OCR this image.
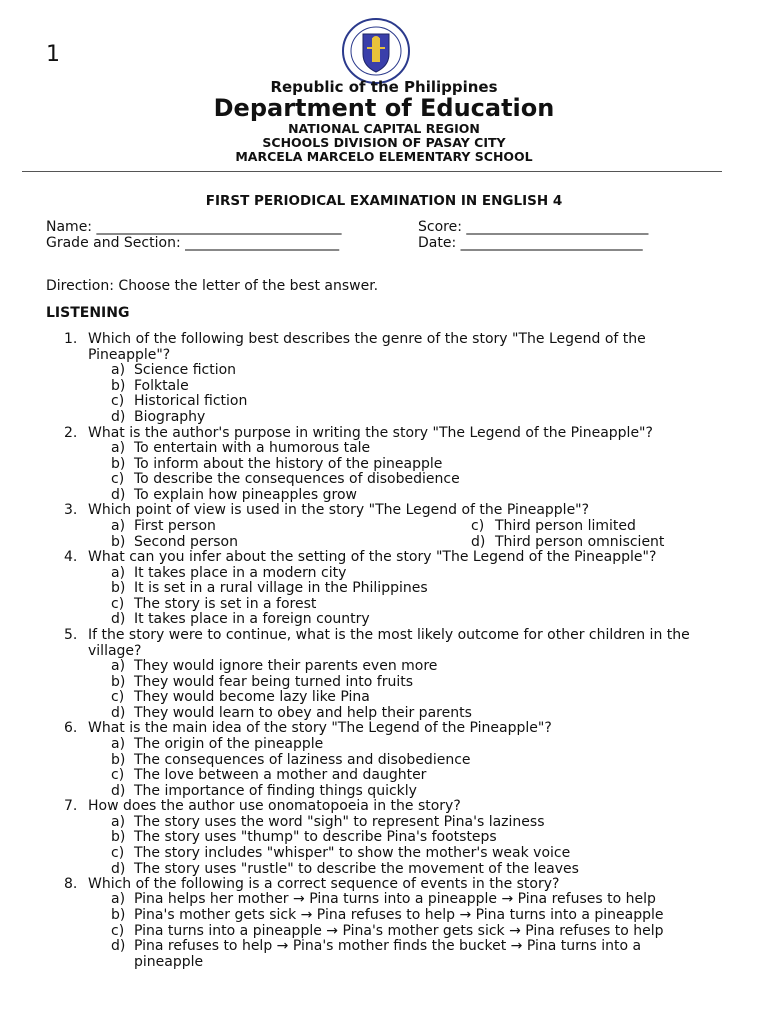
1
Republic of the Philippines
Department of Education
NATIONAL CAPITAL REGION
SCHOOLS DIVISION OF PASAY CITY
MARCELA MARCELO ELEMENTARY SCHOOL
FIRST PERIODICAL EXAMINATION IN ENGLISH 4
Name: ___________________________________	Score: __________________________
Grade and Section: ______________________	Date: __________________________
Direction: Choose the letter of the best answer.
LISTENING
1. Which of the following best describes the genre of the story "The Legend of the
Pineapple"?
a) Science fiction
b) Folktale
c) Historical fiction
d) Biography
2. What is the author's purpose in writing the story "The Legend of the Pineapple"?
a) To entertain with a humorous tale
b) To inform about the history of the pineapple
c) To describe the consequences of disobedience
d) To explain how pineapples grow
3. Which point of view is used in the story "The Legend of the Pineapple"?
a) First person	c) Third person limited
b) Second person	d) Third person omniscient
4. What can you infer about the setting of the story "The Legend of the Pineapple"?
a) It takes place in a modern city
b) It is set in a rural village in the Philippines
c) The story is set in a forest
d) It takes place in a foreign country
5. If the story were to continue, what is the most likely outcome for other children in the
village?
a) They would ignore their parents even more
b) They would fear being turned into fruits
c) They would become lazy like Pina
d) They would learn to obey and help their parents
6. What is the main idea of the story "The Legend of the Pineapple"?
a) The origin of the pineapple
b) The consequences of laziness and disobedience
c) The love between a mother and daughter
d) The importance of finding things quickly
7. How does the author use onomatopoeia in the story?
a) The story uses the word "sigh" to represent Pina's laziness
b) The story uses "thump" to describe Pina's footsteps
c) The story includes "whisper" to show the mother's weak voice
d) The story uses "rustle" to describe the movement of the leaves
8. Which of the following is a correct sequence of events in the story?
a) Pina helps her mother → Pina turns into a pineapple → Pina refuses to help
b) Pina's mother gets sick → Pina refuses to help → Pina turns into a pineapple
c) Pina turns into a pineapple → Pina's mother gets sick → Pina refuses to help
d) Pina refuses to help → Pina's mother finds the bucket → Pina turns into a
pineapple
